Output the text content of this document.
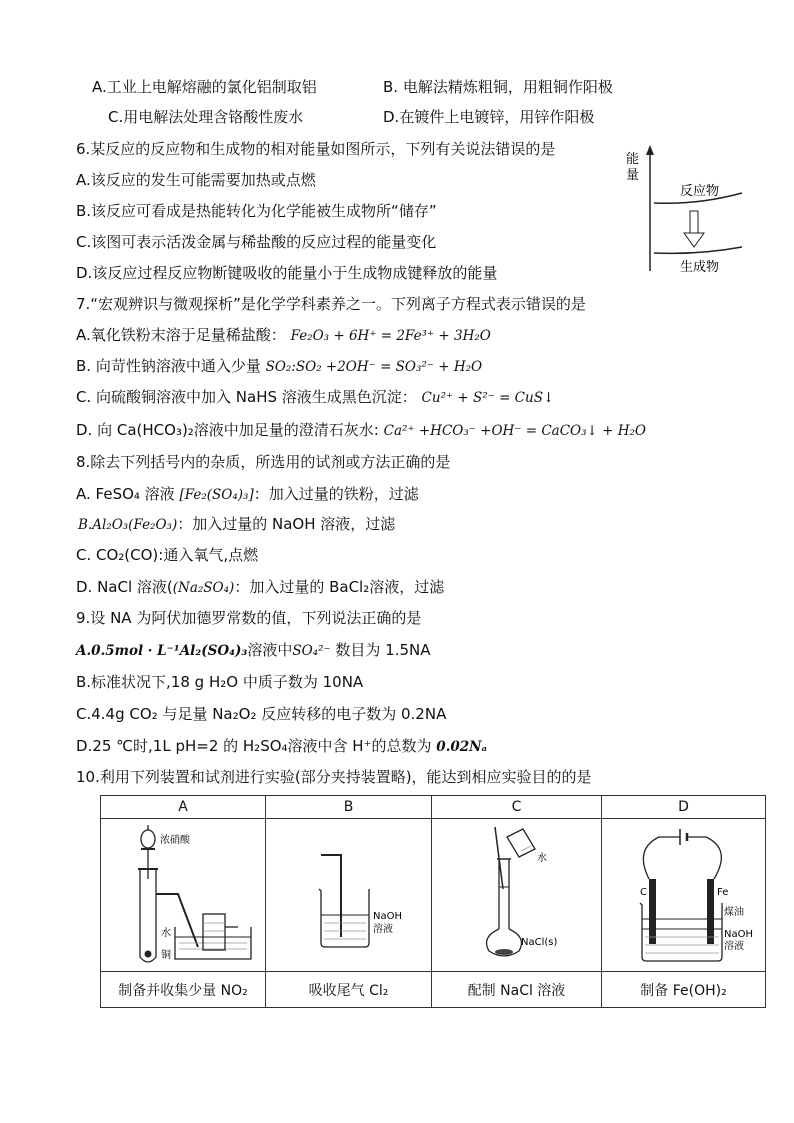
A.工业上电解熔融的氯化铝制取铝	B. 电解法精炼粗铜，用粗铜作阳极
C.用电解法处理含铬酸性废水	D.在镀件上电镀锌，用锌作阳极
6.某反应的反应物和生成物的相对能量如图所示，下列有关说法错误的是
A.该反应的发生可能需要加热或点燃
B.该反应可看成是热能转化为化学能被生成物所“储存”
C.该图可表示活泼金属与稀盐酸的反应过程的能量变化
D.该反应过程反应物断键吸收的能量小于生成物成键释放的能量
能
量
反应物
生成物
7.“宏观辨识与微观探析”是化学学科素养之一。下列离子方程式表示错误的是
A.氧化铁粉末溶于足量稀盐酸： Fe₂O₃ + 6H⁺ = 2Fe³⁺ + 3H₂O
B. 向苛性钠溶液中通入少量 SO₂:SO₂ +2OH⁻ = SO₃²⁻ + H₂O
C. 向硫酸铜溶液中加入 NaHS 溶液生成黑色沉淀： Cu²⁺ + S²⁻ = CuS↓
D. 向 Ca(HCO₃)₂溶液中加足量的澄清石灰水: Ca²⁺ +HCO₃⁻ +OH⁻ = CaCO₃↓ + H₂O
8.除去下列括号内的杂质，所选用的试剂或方法正确的是
A. FeSO₄ 溶液 [Fe₂(SO₄)₃]：加入过量的铁粉，过滤
B.Al₂O₃(Fe₂O₃)：加入过量的 NaOH 溶液，过滤
C. CO₂(CO):通入氧气,点燃
D. NaCl 溶液((Na₂SO₄)：加入过量的 BaCl₂溶液，过滤
9.设 NA 为阿伏加德罗常数的值，下列说法正确的是
A.0.5mol · L⁻¹Al₂(SO₄)₃溶液中SO₄²⁻ 数目为 1.5NA
B.标准状况下,18 g H₂O 中质子数为 10NA
C.4.4g CO₂ 与足量 Na₂O₂ 反应转移的电子数为 0.2NA
D.25 ℃时,1L pH=2 的 H₂SO₄溶液中含 H⁺的总数为 0.02Nₐ
10.利用下列装置和试剂进行实验(部分夹持装置略)，能达到相应实验目的的是
A	B	C	D

浓硝酸
水
铜	NaOH
溶液	水
NaCl(s)	C Fe
煤油
NaOH
溶液

制备并收集少量 NO₂	吸收尾气 Cl₂	配制 NaCl 溶液	制备 Fe(OH)₂
